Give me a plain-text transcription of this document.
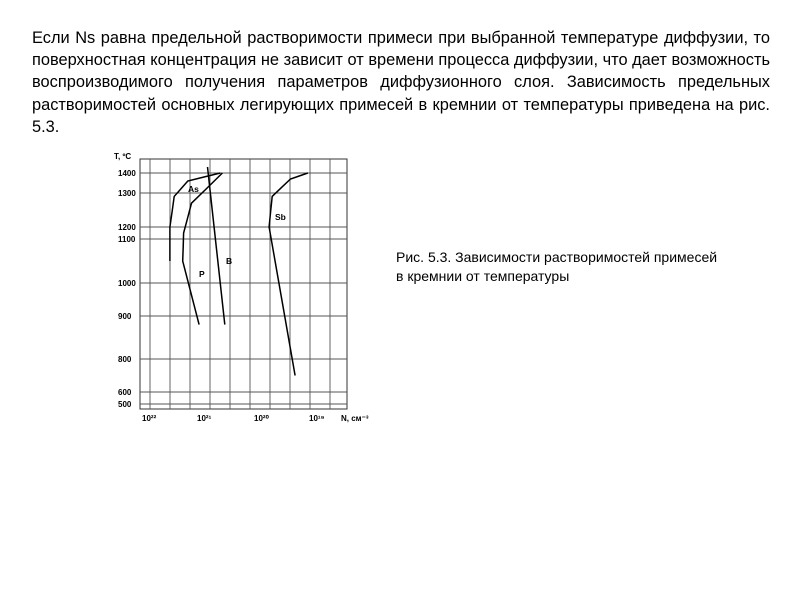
Если Ns равна предельной растворимости примеси при выбранной температуре диффузии, то поверхностная концентрация не зависит от времени процесса диффузии, что дает возможность воспроизводимого получения параметров диффузионного слоя. Зависимость предельных растворимостей основных легирующих примесей в кремнии от температуры приведена на рис. 5.3.

T, ºC
N, см⁻³
1400
1300
1200
1100
1000
900
800
600
500
10²²	10²¹	10²⁰	10¹⁹
As
P
B
Sb
Рис. 5.3. Зависимости растворимостей примесей
в кремнии от температуры
